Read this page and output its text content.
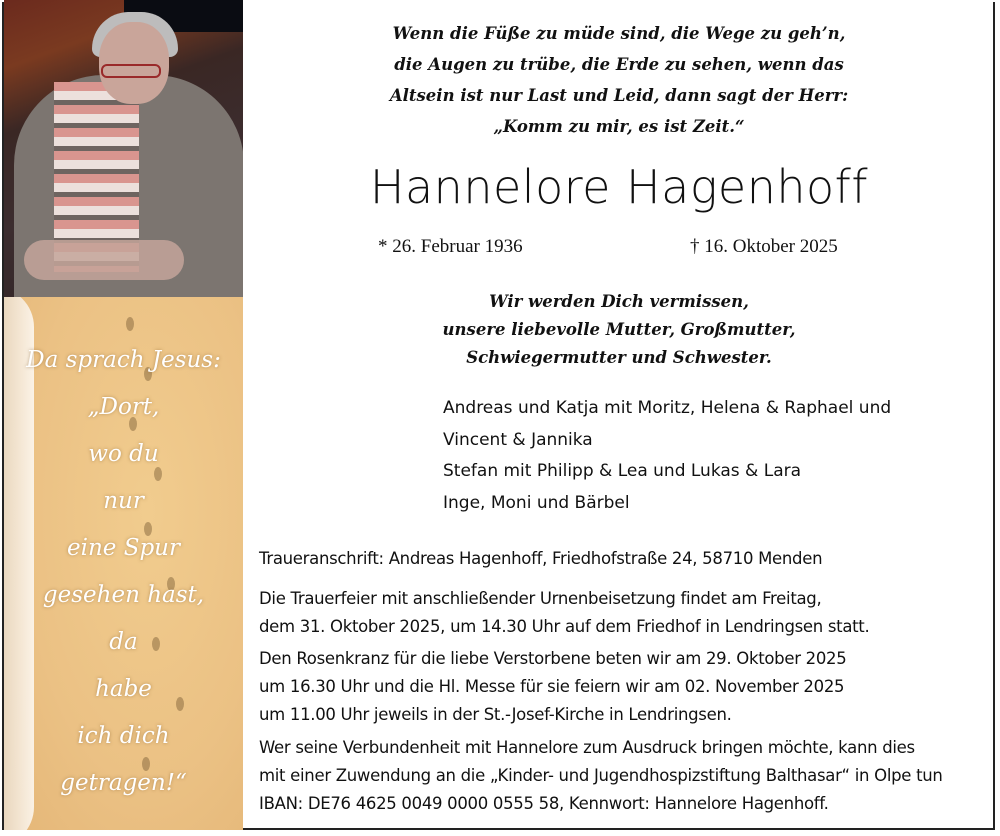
Da sprach Jesus:
„Dort,
wo du
nur
eine Spur
gesehen hast,
da
habe
ich dich
getragen!“
Wenn die Füße zu müde sind, die Wege zu geh’n,
die Augen zu trübe, die Erde zu sehen, wenn das
Altsein ist nur Last und Leid, dann sagt der Herr:
„Komm zu mir, es ist Zeit.“
Hannelore Hagenhoff
* 26. Februar 1936	† 16. Oktober 2025
Wir werden Dich vermissen,
unsere liebevolle Mutter, Großmutter,
Schwiegermutter und Schwester.
Andreas und Katja mit Moritz, Helena & Raphael und
Vincent & Jannika
Stefan mit Philipp & Lea und Lukas & Lara
Inge, Moni und Bärbel
Traueranschrift: Andreas Hagenhoff, Friedhofstraße 24, 58710 Menden
Die Trauerfeier mit anschließender Urnenbeisetzung findet am Freitag,
dem 31. Oktober 2025, um 14.30 Uhr auf dem Friedhof in Lendringsen statt.
Den Rosenkranz für die liebe Verstorbene beten wir am 29. Oktober 2025
um 16.30 Uhr und die Hl. Messe für sie feiern wir am 02. November 2025
um 11.00 Uhr jeweils in der St.-Josef-Kirche in Lendringsen.
Wer seine Verbundenheit mit Hannelore zum Ausdruck bringen möchte, kann dies
mit einer Zuwendung an die „Kinder- und Jugendhospizstiftung Balthasar“ in Olpe tun
IBAN: DE76 4625 0049 0000 0555 58, Kennwort: Hannelore Hagenhoff.
